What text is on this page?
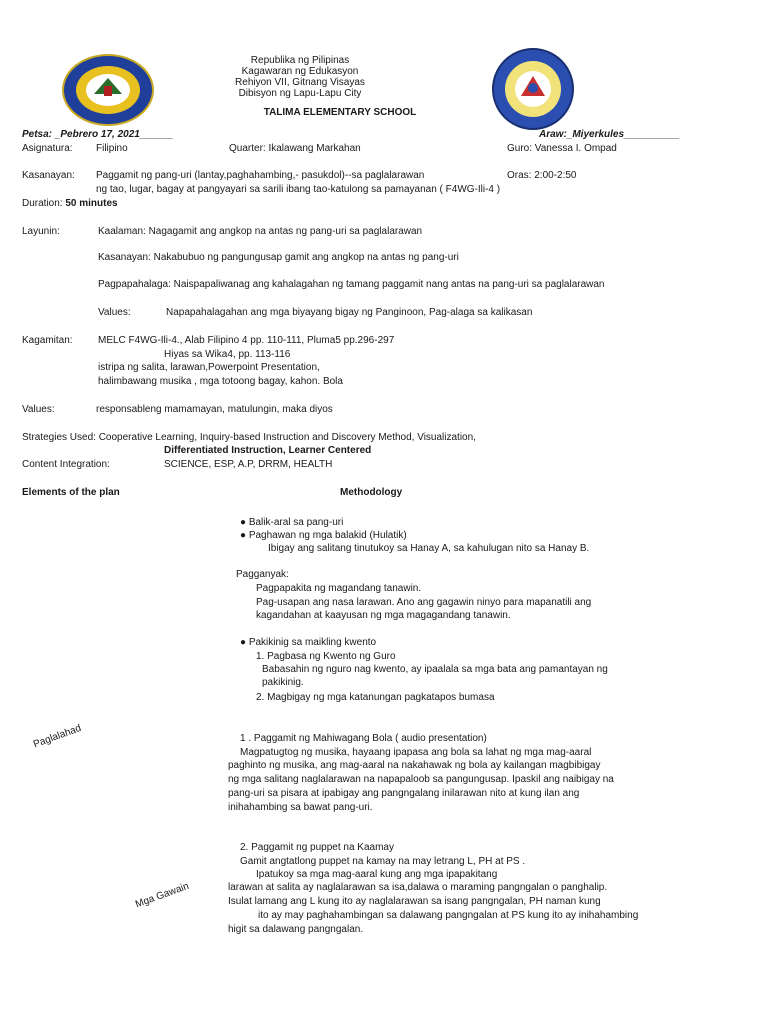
Republika ng Pilipinas
Kagawaran ng Edukasyon
Rehiyon VII, Gitnang Visayas
Dibisyon ng Lapu-Lapu City
TALIMA ELEMENTARY SCHOOL
Petsa: _Pebrero 17, 2021______	Araw:_Miyerkules__________
Asignatura: Filipino	Quarter: Ikalawang Markahan	Guro: Vanessa I. Ompad
Kasanayan: Paggamit ng pang-uri (lantay,paghahambing,- pasukdol)--sa paglalarawan	Oras: 2:00-2:50
ng tao, lugar, bagay at pangyayari sa sarili ibang tao-katulong sa pamayanan ( F4WG-Ili-4 )
Duration: 50 minutes
Layunin:	Kaalaman: Nagagamit ang angkop na antas ng pang-uri sa paglalarawan
Kasanayan: Nakabubuo ng pangungusap gamit ang angkop na antas ng pang-uri
Pagpapahalaga: Naispapaliwanag ang kahalagahan ng tamang paggamit nang antas na pang-uri sa paglalarawan
Values:	Napapahalagahan ang mga biyayang bigay ng Panginoon, Pag-alaga sa kalikasan
Kagamitan:	MELC F4WG-Ili-4., Alab Filipino 4 pp. 110-111, Pluma5 pp.296-297
Hiyas sa Wika4, pp. 113-116
istripa ng salita, larawan,Powerpoint Presentation,
halimbawang musika , mga totoong bagay, kahon. Bola
Values:	responsableng mamamayan, matulungin, maka diyos
Strategies Used: Cooperative Learning, Inquiry-based Instruction and Discovery Method, Visualization,
Differentiated Instruction, Learner Centered
Content Integration:	SCIENCE, ESP, A.P, DRRM, HEALTH
Elements of the plan	Methodology
Paglalahad
Mga Gawain
● Balik-aral sa pang-uri
● Paghawan ng mga balakid (Hulatik)
Ibigay ang salitang tinutukoy sa Hanay A, sa kahulugan nito sa Hanay B.
Pagganyak:
Pagpapakita ng magandang tanawin.
Pag-usapan ang nasa larawan. Ano ang gagawin ninyo para mapanatili ang
kagandahan at kaayusan ng mga magagandang tanawin.
● Pakikinig sa maikling kwento
1. Pagbasa ng Kwento ng Guro
Babasahin ng nguro nag kwento, ay ipaalala sa mga bata ang pamantayan ng
pakikinig.
2. Magbigay ng mga katanungan pagkatapos bumasa
1 . Paggamit ng Mahiwagang Bola ( audio presentation)
Magpatugtog ng musika, hayaang ipapasa ang bola sa lahat ng mga mag-aaral
paghinto ng musika, ang mag-aaral na nakahawak ng bola ay kailangan magbibigay
ng mga salitang naglalarawan na napapaloob sa pangungusap. Ipaskil ang naibigay na
pang-uri sa pisara at ipabigay ang pangngalang inilarawan nito at kung ilan ang
inihahambing sa bawat pang-uri.
2. Paggamit ng puppet na Kaamay
Gamit angtatlong puppet na kamay na may letrang L, PH at PS .
Ipatukoy sa mga mag-aaral kung ang mga ipapakitang
larawan at salita ay naglalarawan sa isa,dalawa o maraming pangngalan o panghalip.
Isulat lamang ang L kung ito ay naglalarawan sa isang pangngalan, PH naman kung
ito ay may paghahambingan sa dalawang pangngalan at PS kung ito ay inihahambing
higit sa dalawang pangngalan.
